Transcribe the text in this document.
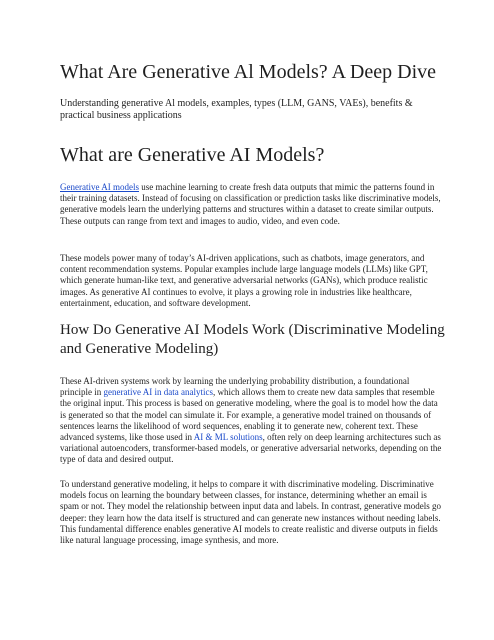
What Are Generative Al Models? A Deep Dive

Understanding generative Al models, examples, types (LLM, GANS, VAEs), benefits & practical business applications

What are Generative AI Models?

Generative AI models use machine learning to create fresh data outputs that mimic the patterns found in their training datasets. Instead of focusing on classification or prediction tasks like discriminative models, generative models learn the underlying patterns and structures within a dataset to create similar outputs. These outputs can range from text and images to audio, video, and even code.

These models power many of today’s AI-driven applications, such as chatbots, image generators, and content recommendation systems. Popular examples include large language models (LLMs) like GPT, which generate human-like text, and generative adversarial networks (GANs), which produce realistic images. As generative AI continues to evolve, it plays a growing role in industries like healthcare, entertainment, education, and software development.

How Do Generative AI Models Work (Discriminative Modeling and Generative Modeling)

These AI-driven systems work by learning the underlying probability distribution, a foundational principle in generative AI in data analytics, which allows them to create new data samples that resemble the original input. This process is based on generative modeling, where the goal is to model how the data is generated so that the model can simulate it. For example, a generative model trained on thousands of sentences learns the likelihood of word sequences, enabling it to generate new, coherent text. These advanced systems, like those used in AI & ML solutions, often rely on deep learning architectures such as variational autoencoders, transformer-based models, or generative adversarial networks, depending on the type of data and desired output.

To understand generative modeling, it helps to compare it with discriminative modeling. Discriminative models focus on learning the boundary between classes, for instance, determining whether an email is spam or not. They model the relationship between input data and labels. In contrast, generative models go deeper: they learn how the data itself is structured and can generate new instances without needing labels. This fundamental difference enables generative AI models to create realistic and diverse outputs in fields like natural language processing, image synthesis, and more.
